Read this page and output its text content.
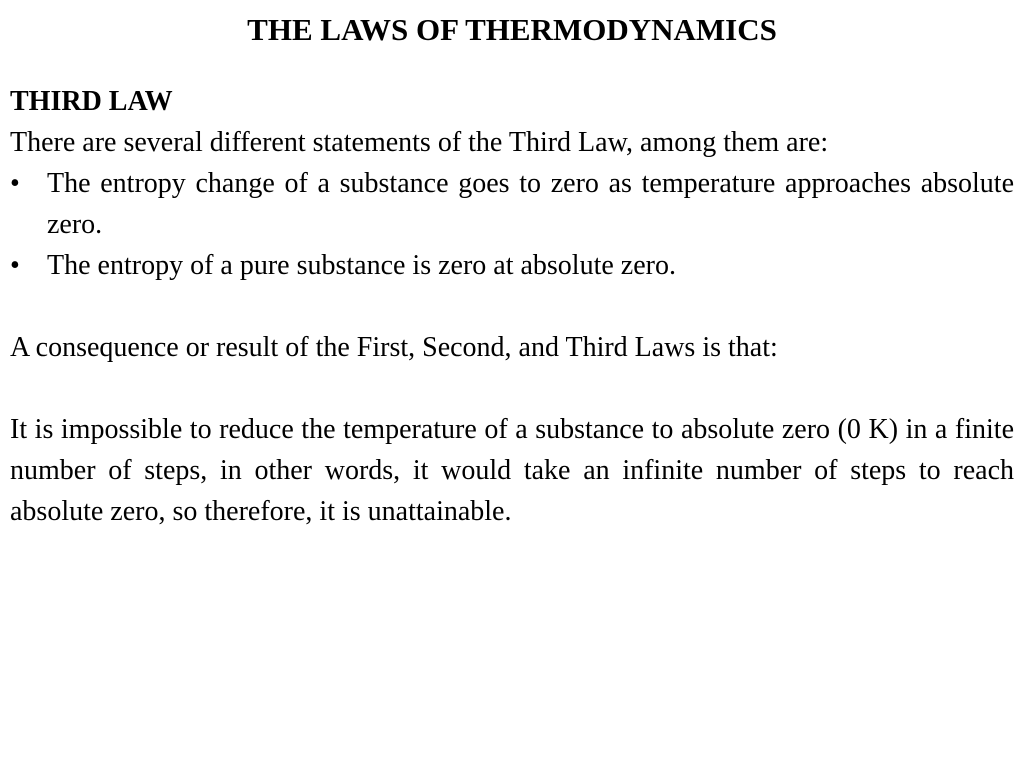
THE LAWS OF THERMODYNAMICS
THIRD LAW
There are several different statements of the Third Law, among them are:
• The entropy change of a substance goes to zero as temperature approaches absolute zero.
• The entropy of a pure substance is zero at absolute zero.
A consequence or result of the First, Second, and Third Laws is that:
It is impossible to reduce the temperature of a substance to absolute zero (0 K) in a finite number of steps, in other words, it would take an infinite number of steps to reach absolute zero, so therefore, it is unattainable.
